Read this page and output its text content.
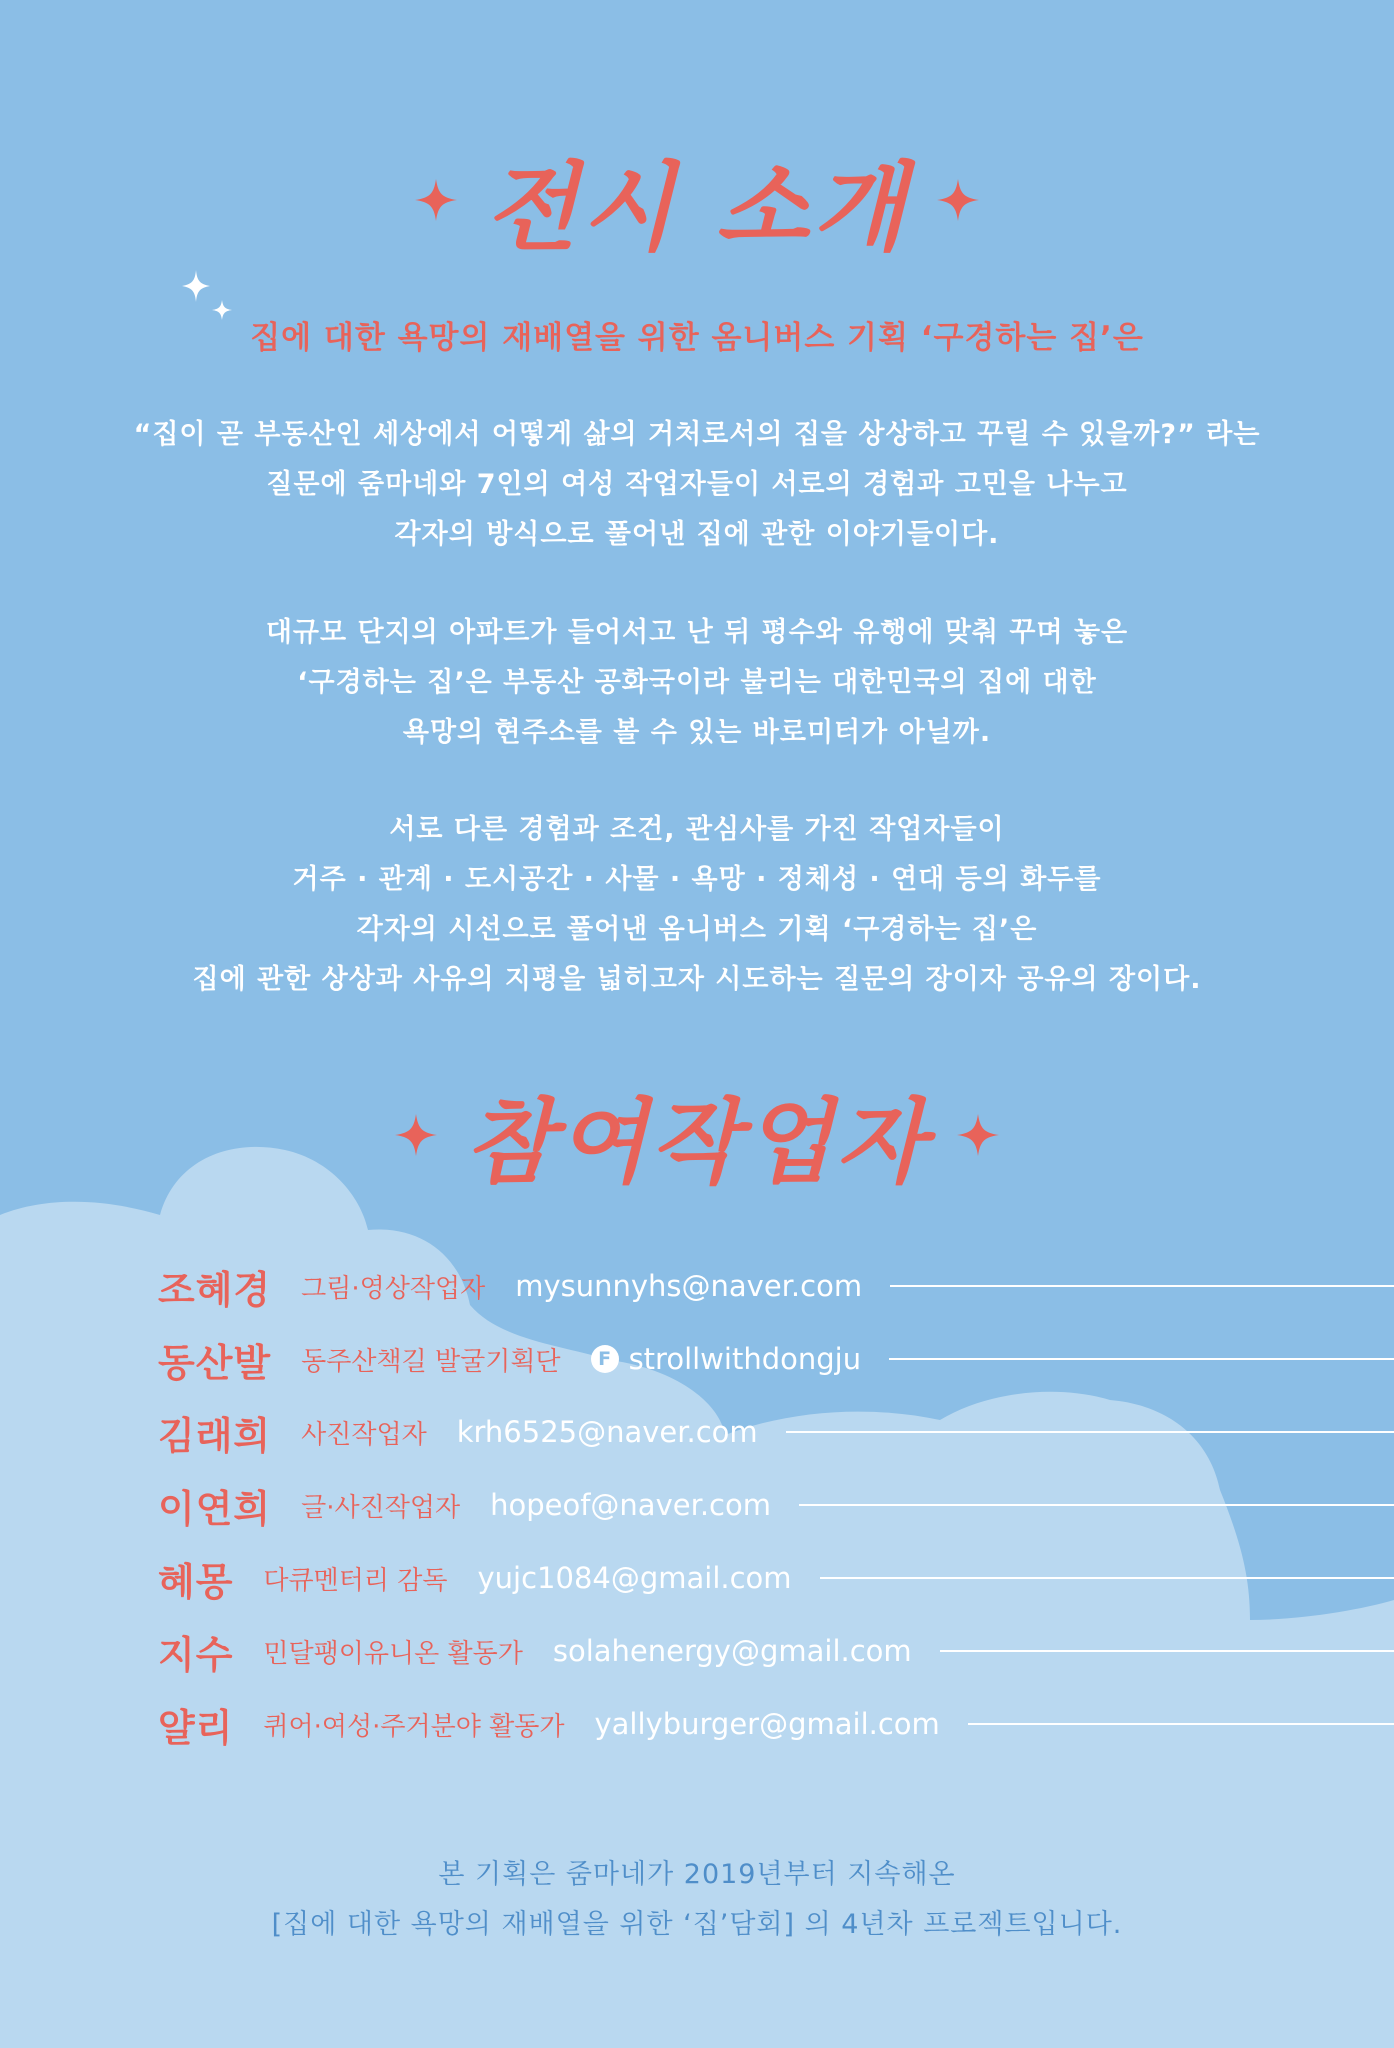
전시 소개
집에 대한 욕망의 재배열을 위한 옴니버스 기획 ‘구경하는 집’은
“집이 곧 부동산인 세상에서 어떻게 삶의 거처로서의 집을 상상하고 꾸릴 수 있을까?” 라는
질문에 줌마네와 7인의 여성 작업자들이 서로의 경험과 고민을 나누고
각자의 방식으로 풀어낸 집에 관한 이야기들이다.
대규모 단지의 아파트가 들어서고 난 뒤 평수와 유행에 맞춰 꾸며 놓은
‘구경하는 집’은 부동산 공화국이라 불리는 대한민국의 집에 대한
욕망의 현주소를 볼 수 있는 바로미터가 아닐까.
서로 다른 경험과 조건, 관심사를 가진 작업자들이
거주 · 관계 · 도시공간 · 사물 · 욕망 · 정체성 · 연대 등의 화두를
각자의 시선으로 풀어낸 옴니버스 기획 ‘구경하는 집’은
집에 관한 상상과 사유의 지평을 넓히고자 시도하는 질문의 장이자 공유의 장이다.
참여작업자
조혜경 그림·영상작업자 mysunnyhs@naver.com
동산발 동주산책길 발굴기획단	F strollwithdongju
김래희 사진작업자 krh6525@naver.com
이연희 글·사진작업자 hopeof@naver.com
혜몽 다큐멘터리 감독 yujc1084@gmail.com
지수 민달팽이유니온 활동가 solahenergy@gmail.com
얄리 퀴어·여성·주거분야 활동가 yallyburger@gmail.com
본 기획은 줌마네가 2019년부터 지속해온
[집에 대한 욕망의 재배열을 위한 ‘집’담회] 의 4년차 프로젝트입니다.
